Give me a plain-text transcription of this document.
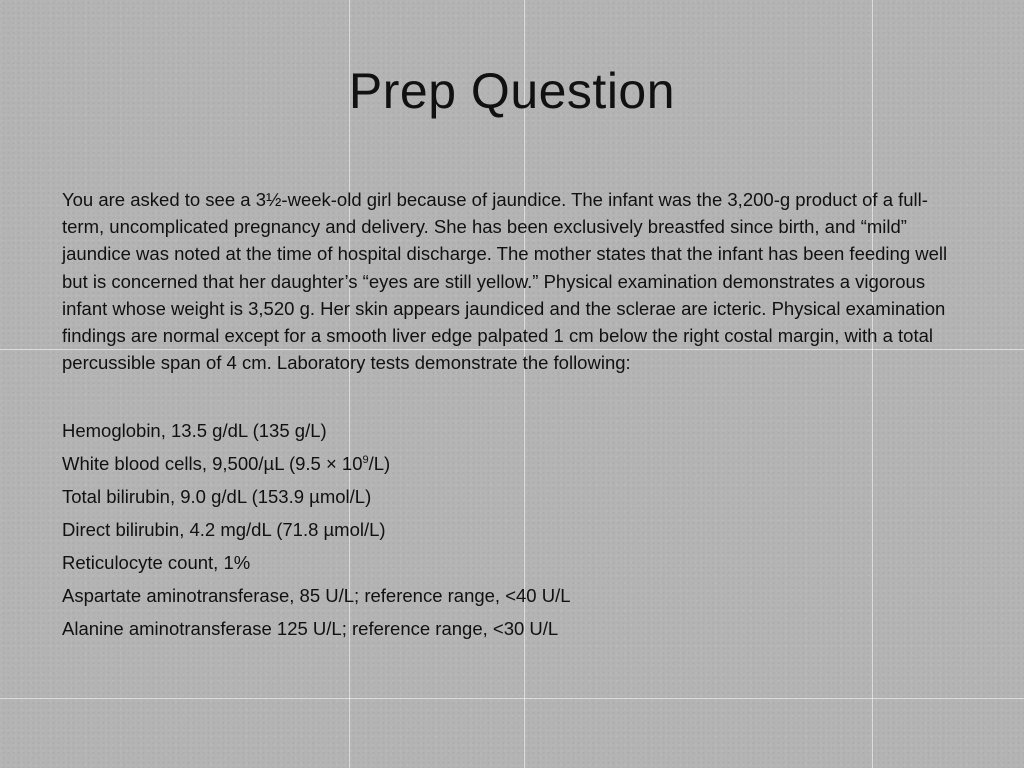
Prep Question

You are asked to see a 3½-week-old girl because of jaundice. The infant was the 3,200-g product of a full-term, uncomplicated pregnancy and delivery. She has been exclusively breastfed since birth, and “mild” jaundice was noted at the time of hospital discharge. The mother states that the infant has been feeding well but is concerned that her daughter’s “eyes are still yellow.” Physical examination demonstrates a vigorous infant whose weight is 3,520 g. Her skin appears jaundiced and the sclerae are icteric. Physical examination findings are normal except for a smooth liver edge palpated 1 cm below the right costal margin, with a total percussible span of 4 cm. Laboratory tests demonstrate the following:

Hemoglobin, 13.5 g/dL (135 g/L)
White blood cells, 9,500/µL $(9.5 \times 10^9/L)$
Total bilirubin, 9.0 g/dL (153.9 µmol/L)
Direct bilirubin, 4.2 mg/dL (71.8 µmol/L)
Reticulocyte count, 1%
Aspartate aminotransferase, 85 U/L; reference range, <40 U/L
Alanine aminotransferase 125 U/L; reference range, <30 U/L
